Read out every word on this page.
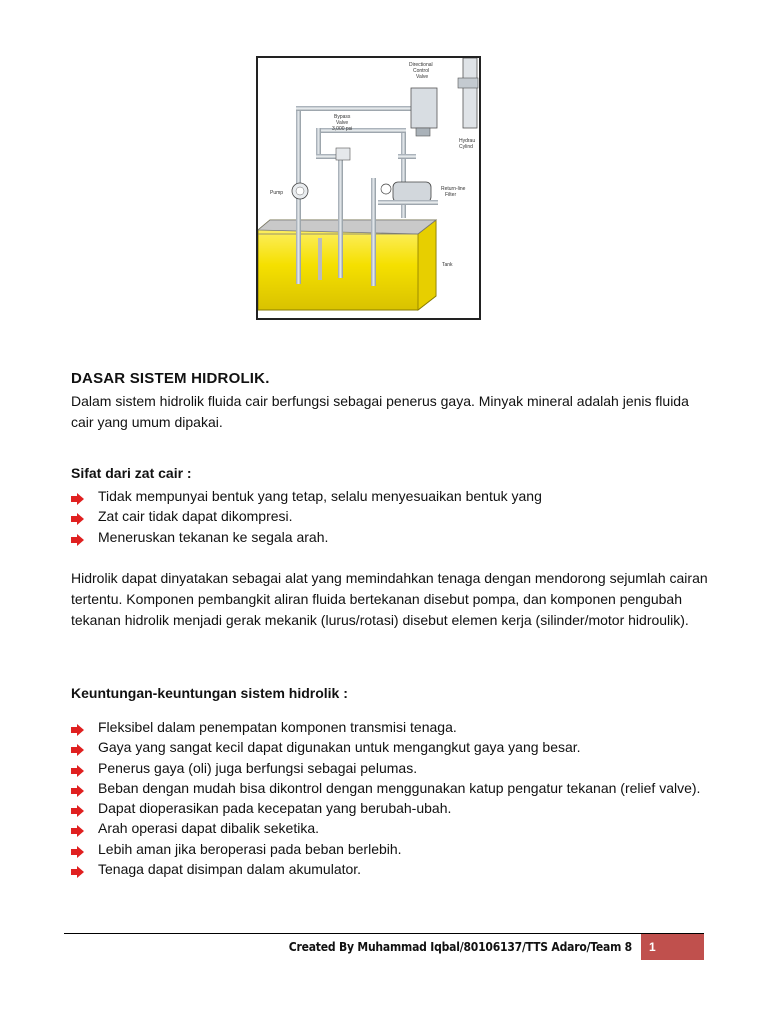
Directional
Control
Valve
Bypass
Valve
3,000 psi
Pump
Hydrau
Cylind
Return-line
Filter
Tank
DASAR SISTEM HIDROLIK.

Dalam sistem hidrolik fluida cair berfungsi sebagai penerus gaya. Minyak mineral adalah jenis fluida cair yang umum dipakai.

Sifat dari zat cair :

Tidak mempunyai bentuk yang tetap, selalu menyesuaikan bentuk yang
Zat cair tidak dapat dikompresi.
Meneruskan tekanan ke segala arah.

Hidrolik dapat dinyatakan sebagai alat yang memindahkan tenaga dengan mendorong sejumlah cairan tertentu. Komponen pembangkit aliran fluida bertekanan disebut pompa, dan komponen pengubah tekanan hidrolik menjadi gerak mekanik (lurus/rotasi) disebut elemen kerja (silinder/motor hidroulik).

Keuntungan-keuntungan sistem hidrolik :

Fleksibel dalam penempatan komponen transmisi tenaga.
Gaya yang sangat kecil dapat digunakan untuk mengangkut gaya yang besar.
Penerus gaya (oli) juga berfungsi sebagai pelumas.
Beban dengan mudah bisa dikontrol dengan menggunakan katup pengatur tekanan (relief valve).
Dapat dioperasikan pada kecepatan yang berubah-ubah.
Arah operasi dapat dibalik seketika.
Lebih aman jika beroperasi pada beban berlebih.
Tenaga dapat disimpan dalam akumulator.
Created By Muhammad Iqbal/80106137/TTS Adaro/Team 8	1
